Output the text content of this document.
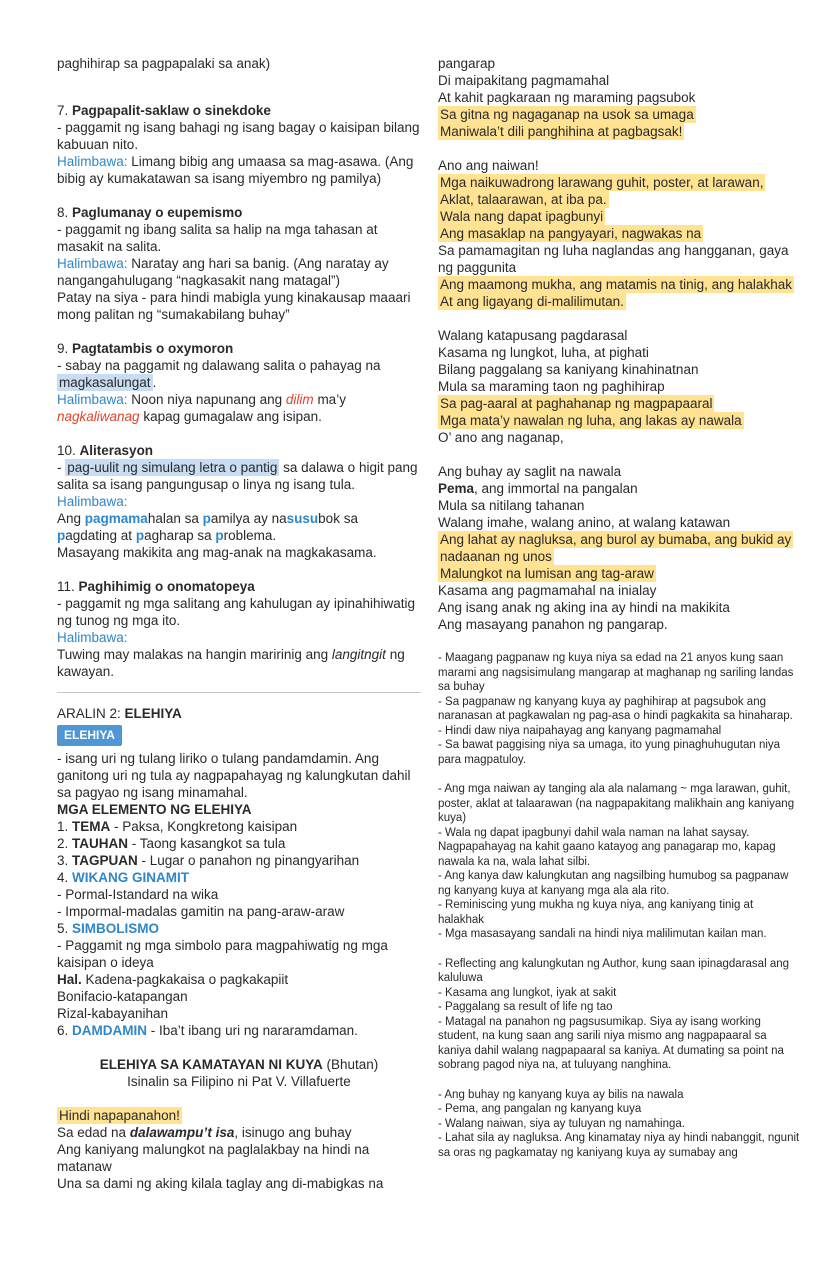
paghihirap sa pagpapalaki sa anak)

7. Pagpapalit-saklaw o sinekdoke

- paggamit ng isang bahagi ng isang bagay o kaisipan bilang kabuuan nito.

Halimbawa: Limang bibig ang umaasa sa mag-asawa. (Ang bibig ay kumakatawan sa isang miyembro ng pamilya)

8. Paglumanay o eupemismo

- paggamit ng ibang salita sa halip na mga tahasan at masakit na salita.

Halimbawa: Naratay ang hari sa banig. (Ang naratay ay nangangahulugang “nagkasakit nang matagal”)

Patay na siya - para hindi mabigla yung kinakausap maaari mong palitan ng “sumakabilang buhay”

9. Pagtatambis o oxymoron

- sabay na paggamit ng dalawang salita o pahayag na magkasalungat .

Halimbawa: Noon niya napunang ang dilim ma’y nagkaliwanag kapag gumagalaw ang isipan.

10. Aliterasyon

- pag-uulit ng simulang letra o pantig sa dalawa o higit pang salita sa isang pangungusap o linya ng isang tula.

Halimbawa:

Ang pagmamahalan sa pamilya ay nasusubok sa pagdating at pagharap sa problema.

Masayang makikita ang mag-anak na magkakasama.

11. Paghihimig o onomatopeya

- paggamit ng mga salitang ang kahulugan ay ipinahihiwatig ng tunog ng mga ito.

Halimbawa:

Tuwing may malakas na hangin maririnig ang langitngit ng kawayan.

ARALIN 2: ELEHIYA

ELEHIYA

- isang uri ng tulang liriko o tulang pandamdamin. Ang ganitong uri ng tula ay nagpapahayag ng kalungkutan dahil sa pagyao ng isang minamahal.

MGA ELEMENTO NG ELEHIYA

1. TEMA - Paksa, Kongkretong kaisipan

2. TAUHAN - Taong kasangkot sa tula

3. TAGPUAN - Lugar o panahon ng pinangyarihan

4. WIKANG GINAMIT

- Pormal-Istandard na wika

- Impormal-madalas gamitin na pang-araw-araw

5. SIMBOLISMO

- Paggamit ng mga simbolo para magpahiwatig ng mga kaisipan o ideya

Hal. Kadena-pagkakaisa o pagkakapiit

Bonifacio-katapangan

Rizal-kabayanihan

6. DAMDAMIN - Iba’t ibang uri ng nararamdaman.

ELEHIYA SA KAMATAYAN NI KUYA (Bhutan)

Isinalin sa Filipino ni Pat V. Villafuerte

Hindi napapanahon!

Sa edad na dalawampu’t isa, isinugo ang buhay

Ang kaniyang malungkot na paglalakbay na hindi na matanaw

Una sa dami ng aking kilala taglay ang di-mabigkas na

pangarap

Di maipakitang pagmamahal

At kahit pagkaraan ng maraming pagsubok

Sa gitna ng nagaganap na usok sa umaga

Maniwala’t dili panghihina at pagbagsak!

Ano ang naiwan!

Mga naikuwadrong larawang guhit, poster, at larawan,

Aklat, talaarawan, at iba pa.

Wala nang dapat ipagbunyi

Ang masaklap na pangyayari, nagwakas na

Sa pamamagitan ng luha naglandas ang hangganan, gaya ng paggunita

Ang maamong mukha, ang matamis na tinig, ang halakhak

At ang ligayang di-malilimutan.

Walang katapusang pagdarasal

Kasama ng lungkot, luha, at pighati

Bilang paggalang sa kaniyang kinahinatnan

Mula sa maraming taon ng paghihirap

Sa pag-aaral at paghahanap ng magpapaaral

Mga mata’y nawalan ng luha, ang lakas ay nawala

O’ ano ang naganap,

Ang buhay ay saglit na nawala

Pema, ang immortal na pangalan

Mula sa nitilang tahanan

Walang imahe, walang anino, at walang katawan

Ang lahat ay nagluksa, ang burol ay bumaba, ang bukid ay nadaanan ng unos

Malungkot na lumisan ang tag-araw

Kasama ang pagmamahal na inialay

Ang isang anak ng aking ina ay hindi na makikita

Ang masayang panahon ng pangarap.

- Maagang pagpanaw ng kuya niya sa edad na 21 anyos kung saan marami ang nagsisimulang mangarap at maghanap ng sariling landas sa buhay

- Sa pagpanaw ng kanyang kuya ay paghihirap at pagsubok ang naranasan at pagkawalan ng pag-asa o hindi pagkakita sa hinaharap.

- Hindi daw niya naipahayag ang kanyang pagmamahal

- Sa bawat paggising niya sa umaga, ito yung pinaghuhugutan niya para magpatuloy.

- Ang mga naiwan ay tanging ala ala nalamang ~ mga larawan, guhit, poster, aklat at talaarawan (na nagpapakitang malikhain ang kaniyang kuya)

- Wala ng dapat ipagbunyi dahil wala naman na lahat saysay. Nagpapahayag na kahit gaano katayog ang panagarap mo, kapag nawala ka na, wala lahat silbi.

- Ang kanya daw kalungkutan ang nagsilbing humubog sa pagpanaw ng kanyang kuya at kanyang mga ala ala rito.

- Reminiscing yung mukha ng kuya niya, ang kaniyang tinig at halakhak

- Mga masasayang sandali na hindi niya malilimutan kailan man.

- Reflecting ang kalungkutan ng Author, kung saan ipinagdarasal ang kaluluwa

- Kasama ang lungkot, iyak at sakit

- Paggalang sa result of life ng tao

- Matagal na panahon ng pagsusumikap. Siya ay isang working student, na kung saan ang sarili niya mismo ang nagpapaaral sa kaniya dahil walang nagpapaaral sa kaniya. At dumating sa point na sobrang pagod niya na, at tuluyang nanghina.

- Ang buhay ng kanyang kuya ay bilis na nawala

- Pema, ang pangalan ng kanyang kuya

- Walang naiwan, siya ay tuluyan ng namahinga.

- Lahat sila ay nagluksa. Ang kinamatay niya ay hindi nabanggit, ngunit sa oras ng pagkamatay ng kaniyang kuya ay sumabay ang
